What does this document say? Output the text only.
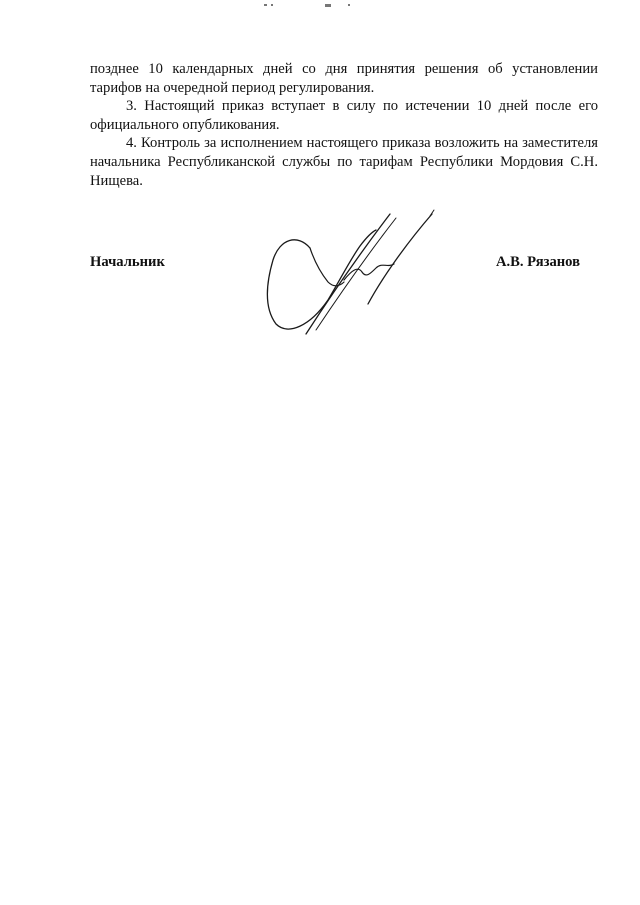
позднее 10 календарных дней со дня принятия решения об установлении тарифов на очередной период регулирования.

3. Настоящий приказ вступает в силу по истечении 10 дней после его официального опубликования.

4. Контроль за исполнением настоящего приказа возложить на заместителя начальника Республиканской службы по тарифам Республики Мордовия С.Н. Нищева.

Начальник	А.В. Рязанов
